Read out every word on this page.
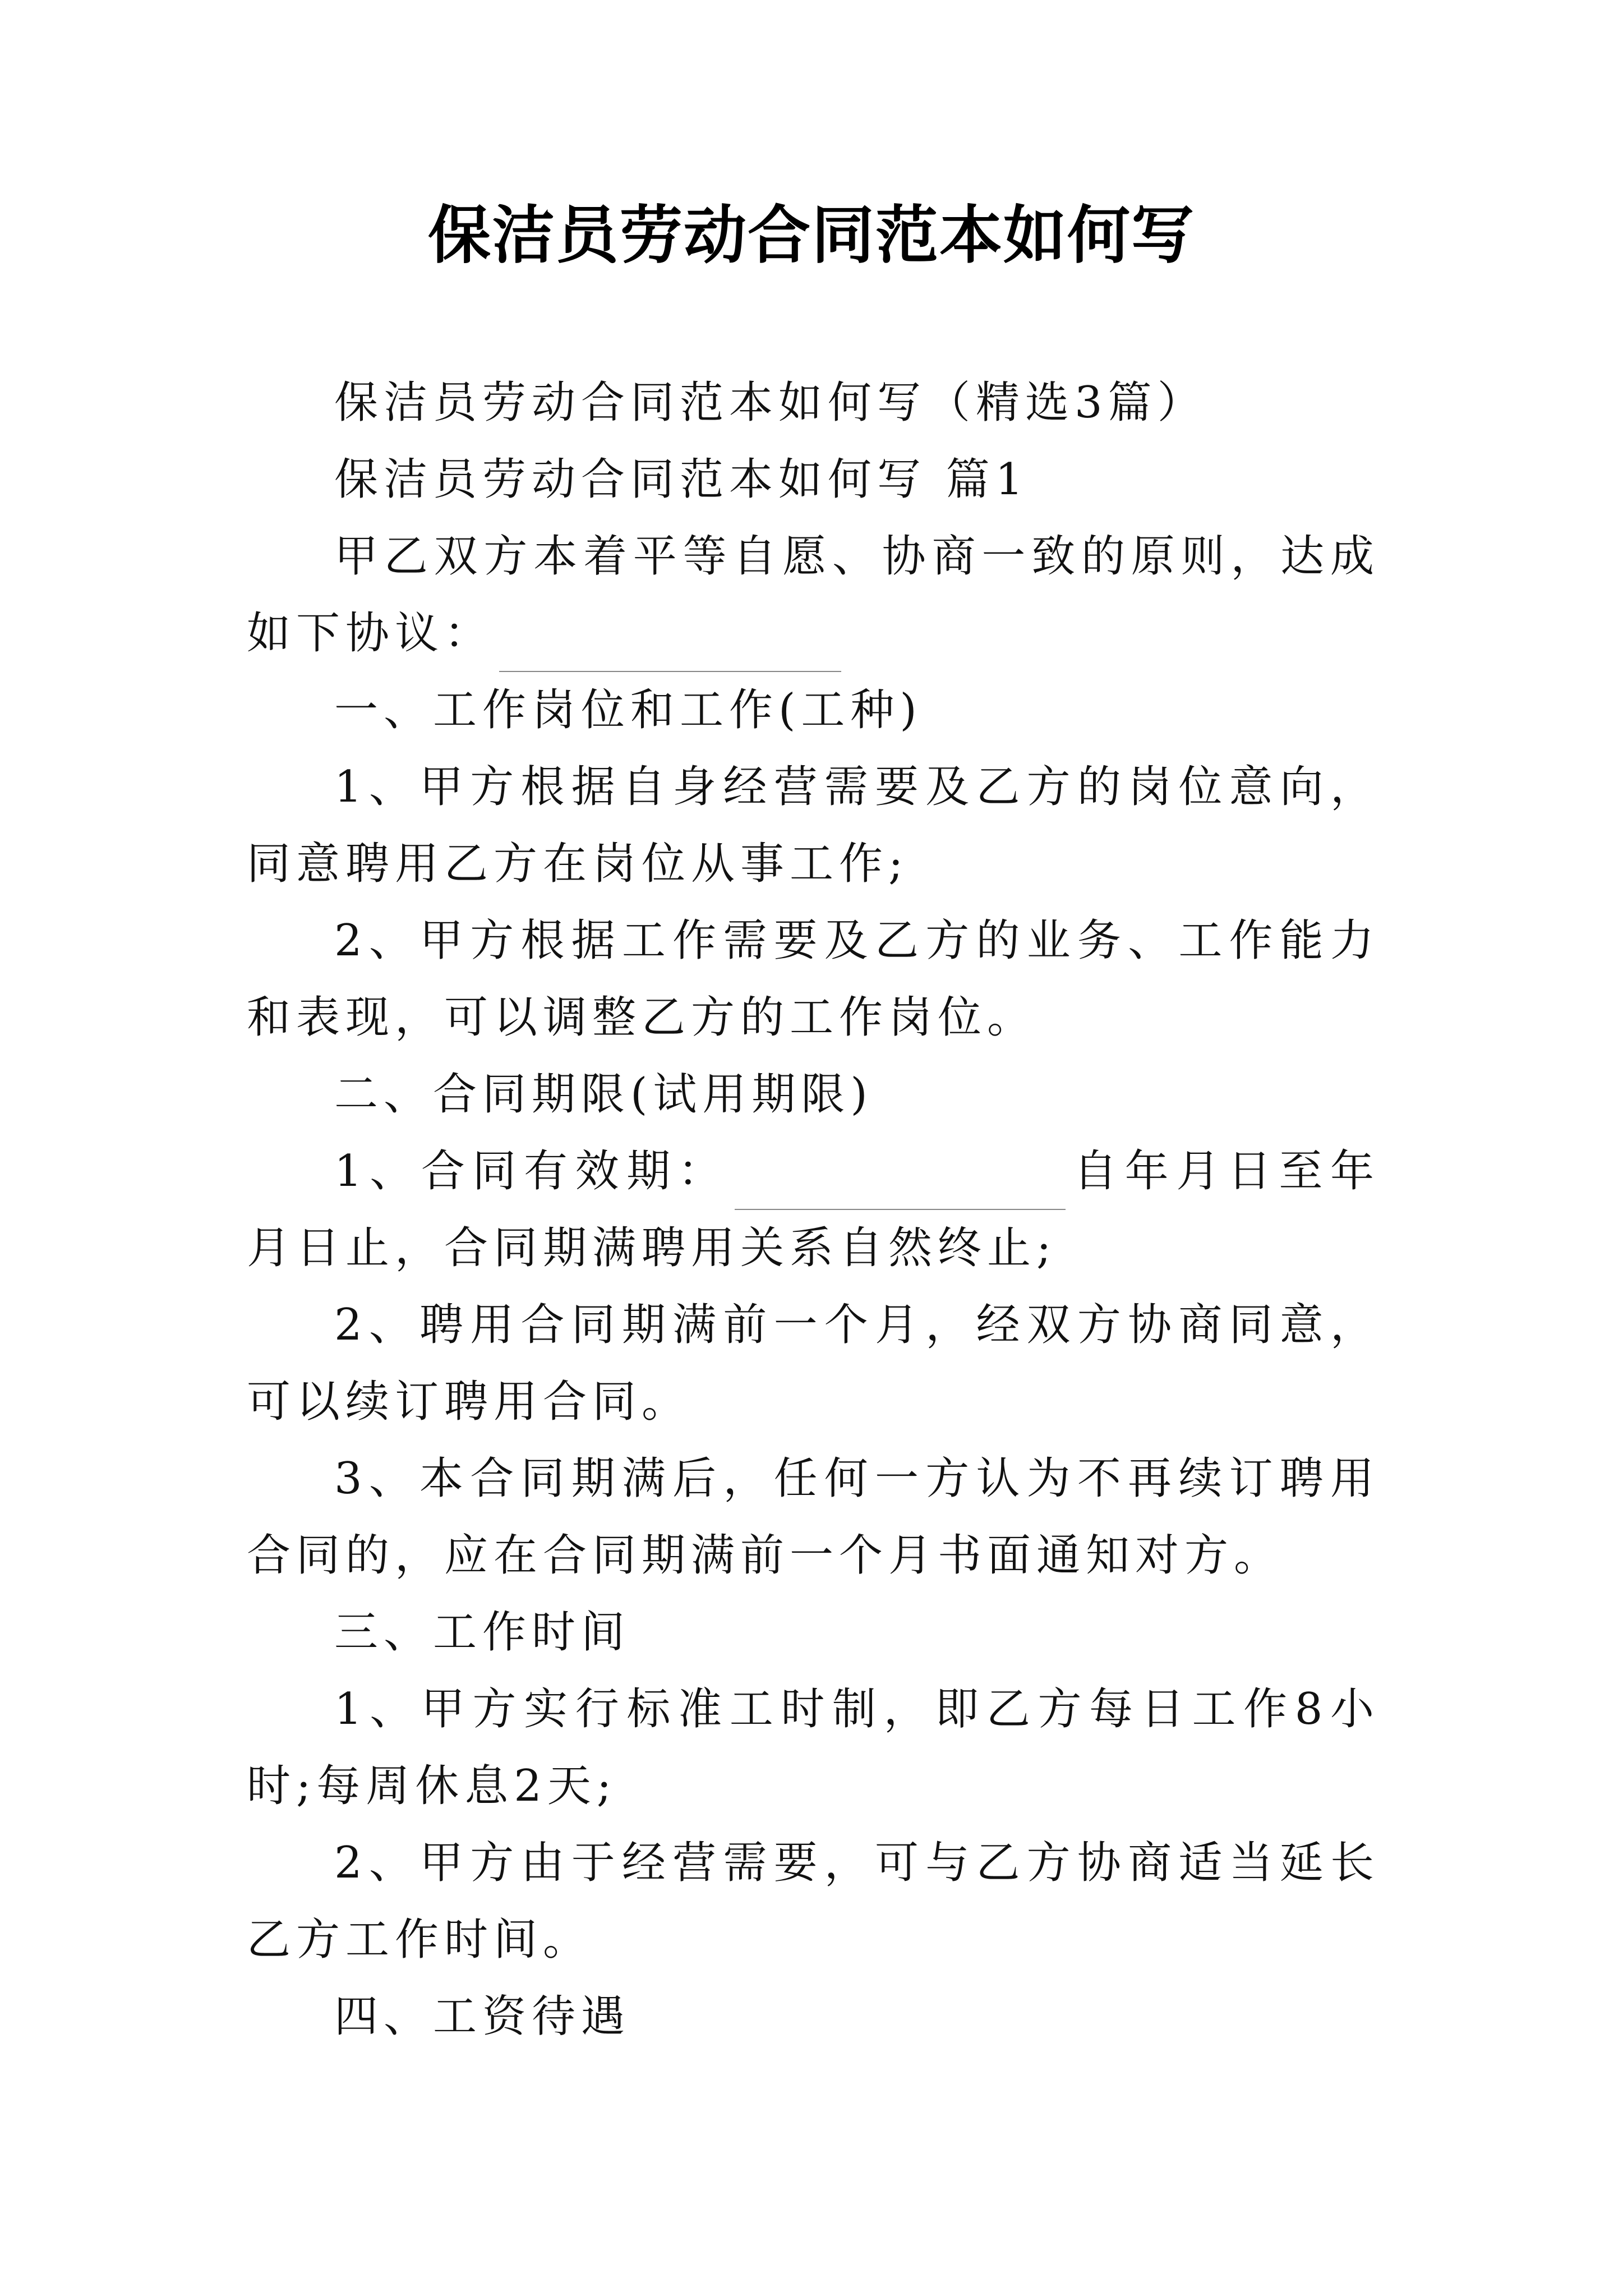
保洁员劳动合同范本如何写

保洁员劳动合同范本如何写（精选3篇）

保洁员劳动合同范本如何写 篇1

甲乙双方本着平等自愿、协商一致的原则，达成如下协议：

一、工作岗位和工作(工种)

1、甲方根据自身经营需要及乙方的岗位意向，同意聘用乙方在岗位从事工作;

2、甲方根据工作需要及乙方的业务、工作能力和表现，可以调整乙方的工作岗位。

二、合同期限(试用期限)

1、合同有效期：	自年月日至年月日止，合同期满聘用关系自然终止;

2、聘用合同期满前一个月，经双方协商同意，可以续订聘用合同。

3、本合同期满后，任何一方认为不再续订聘用合同的，应在合同期满前一个月书面通知对方。

三、工作时间

1、甲方实行标准工时制，即乙方每日工作8小时;每周休息2天;

2、甲方由于经营需要，可与乙方协商适当延长乙方工作时间。

四、工资待遇
